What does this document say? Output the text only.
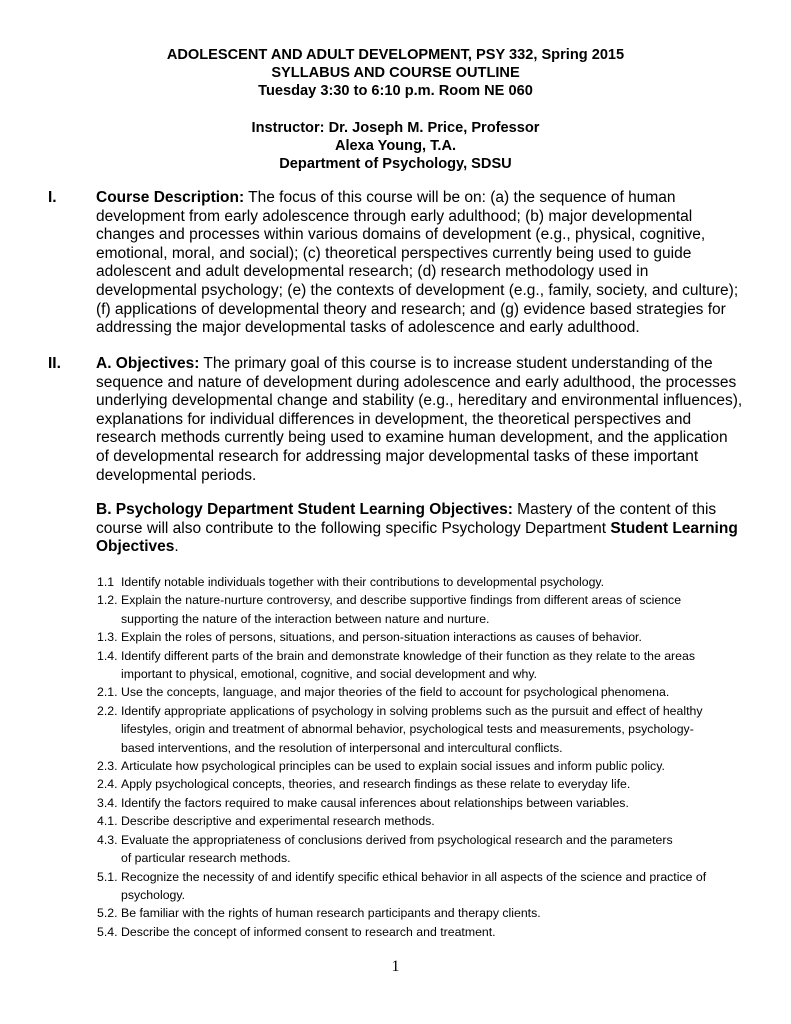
ADOLESCENT AND ADULT DEVELOPMENT, PSY 332, Spring 2015
SYLLABUS AND COURSE OUTLINE
Tuesday 3:30 to 6:10 p.m. Room NE 060
Instructor: Dr. Joseph M. Price, Professor
Alexa Young, T.A.
Department of Psychology, SDSU
I.	Course Description: The focus of this course will be on: (a) the sequence of human
development from early adolescence through early adulthood; (b) major developmental
changes and processes within various domains of development (e.g., physical, cognitive,
emotional, moral, and social); (c) theoretical perspectives currently being used to guide
adolescent and adult developmental research; (d) research methodology used in
developmental psychology; (e) the contexts of development (e.g., family, society, and culture);
(f) applications of developmental theory and research; and (g) evidence based strategies for
addressing the major developmental tasks of adolescence and early adulthood.
II. A. Objectives: The primary goal of this course is to increase student understanding of the
sequence and nature of development during adolescence and early adulthood, the processes
underlying developmental change and stability (e.g., hereditary and environmental influences),
explanations for individual differences in development, the theoretical perspectives and
research methods currently being used to examine human development, and the application
of developmental research for addressing major developmental tasks of these important
developmental periods.
B. Psychology Department Student Learning Objectives: Mastery of the content of this
course will also contribute to the following specific Psychology Department Student Learning
Objectives.
1.1 Identify notable individuals together with their contributions to developmental psychology.
1.2. Explain the nature-nurture controversy, and describe supportive findings from different areas of science
supporting the nature of the interaction between nature and nurture.
1.3. Explain the roles of persons, situations, and person-situation interactions as causes of behavior.
1.4. Identify different parts of the brain and demonstrate knowledge of their function as they relate to the areas
important to physical, emotional, cognitive, and social development and why.
2.1. Use the concepts, language, and major theories of the field to account for psychological phenomena.
2.2. Identify appropriate applications of psychology in solving problems such as the pursuit and effect of healthy
lifestyles, origin and treatment of abnormal behavior, psychological tests and measurements, psychology-
based interventions, and the resolution of interpersonal and intercultural conflicts.
2.3. Articulate how psychological principles can be used to explain social issues and inform public policy.
2.4. Apply psychological concepts, theories, and research findings as these relate to everyday life.
3.4. Identify the factors required to make causal inferences about relationships between variables.
4.1. Describe descriptive and experimental research methods.
4.3. Evaluate the appropriateness of conclusions derived from psychological research and the parameters
of particular research methods.
5.1. Recognize the necessity of and identify specific ethical behavior in all aspects of the science and practice of
psychology.
5.2. Be familiar with the rights of human research participants and therapy clients.
5.4. Describe the concept of informed consent to research and treatment.
1
